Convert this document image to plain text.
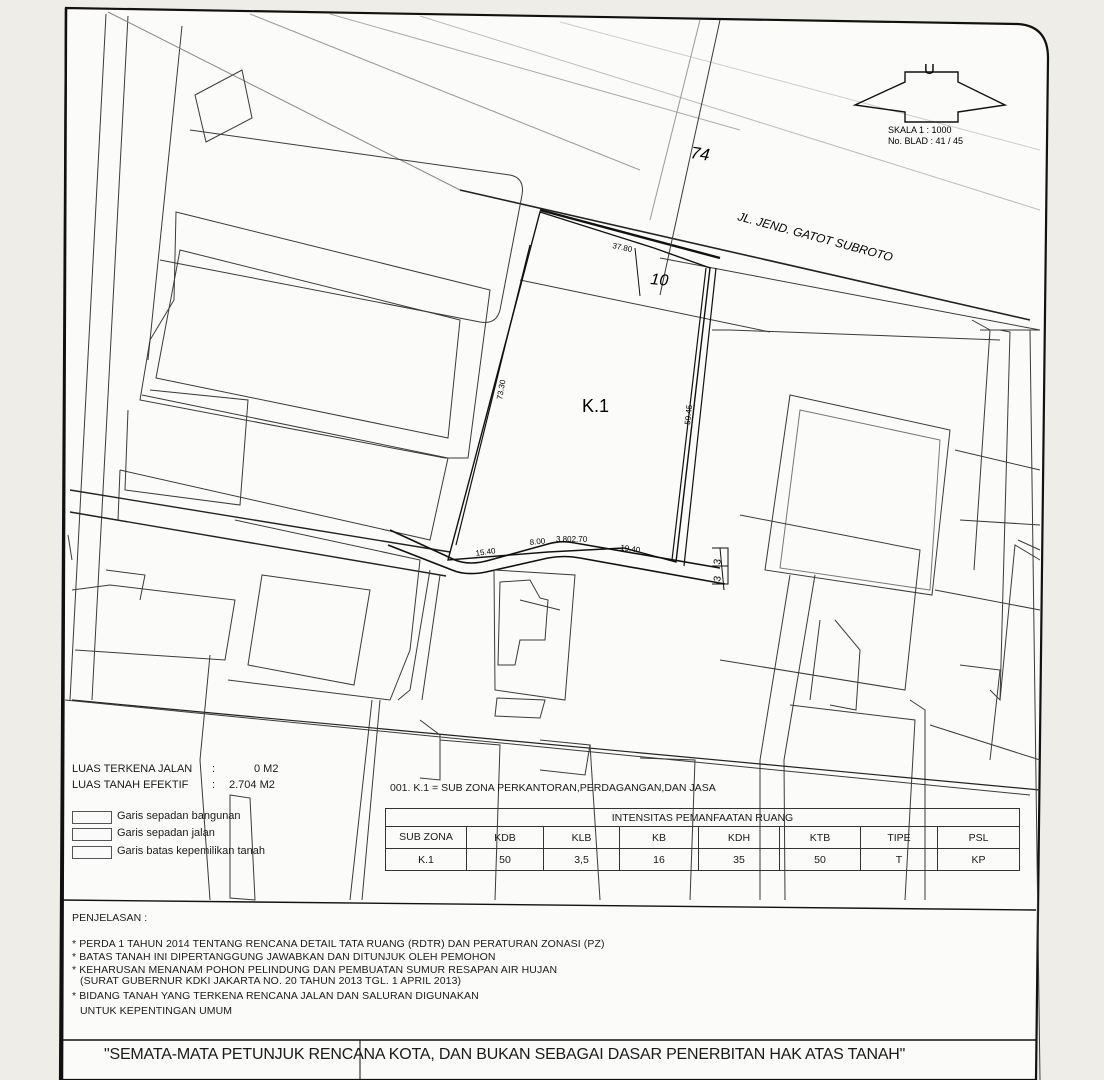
U
SKALA 1 : 1000
No. BLAD : 41 / 45
74
JL. JEND. GATOT SUBROTO
10
37.80
K.1
73.30
59.45
15.40
8.00 3.802.70
19.40
3
3
LUAS TERKENA JALAN :	0 M2
LUAS TANAH EFEKTIF : 2.704 M2
Garis sepadan bangunan
Garis sepadan jalan
Garis batas kepemilikan tanah
001. K.1 = SUB ZONA PERKANTORAN,PERDAGANGAN,DAN JASA
INTENSITAS PEMANFAATAN RUANG							
SUB ZONA	KDB	KLB	KB	KDH	KTB	TIPE	PSL
K.1	50	3,5	16	35	50	T	KP
PENJELASAN :
* PERDA 1 TAHUN 2014 TENTANG RENCANA DETAIL TATA RUANG (RDTR) DAN PERATURAN ZONASI (PZ)
* BATAS TANAH INI DIPERTANGGUNG JAWABKAN DAN DITUNJUK OLEH PEMOHON
* KEHARUSAN MENANAM POHON PELINDUNG DAN PEMBUATAN SUMUR RESAPAN AIR HUJAN
(SURAT GUBERNUR KDKI JAKARTA NO. 20 TAHUN 2013 TGL. 1 APRIL 2013)
* BIDANG TANAH YANG TERKENA RENCANA JALAN DAN SALURAN DIGUNAKAN
UNTUK KEPENTINGAN UMUM
"SEMATA-MATA PETUNJUK RENCANA KOTA, DAN BUKAN SEBAGAI DASAR PENERBITAN HAK ATAS TANAH"
